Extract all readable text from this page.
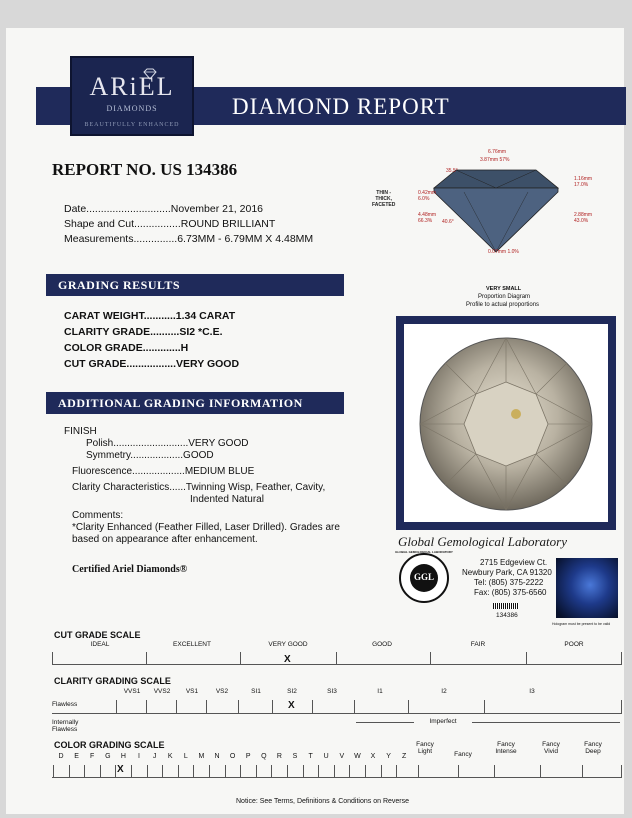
ARiEL
DIAMONDS
BEAUTIFULLY ENHANCED
DIAMOND REPORT
REPORT NO. US 134386
Date.............................November 21, 2016
Shape and Cut................ROUND BRILLIANT
Measurements...............6.73MM - 6.79MM X 4.48MM
6.76mm
3.87mm 57%
35.5°
1.16mm
17.0%
THIN -
THICK,
FACETED
0.42mm
6.0%
4.48mm
66.3%	40.6°
2.88mm
43.0%
0.07mm 1.0%
GRADING RESULTS
CARAT WEIGHT...........1.34 CARAT
CLARITY GRADE..........SI2 *C.E.
COLOR GRADE.............H
CUT GRADE.................VERY GOOD
VERY SMALL
Proportion Diagram
Profile to actual proportions
ADDITIONAL GRADING INFORMATION
FINISH
Polish...........................VERY GOOD
Symmetry...................GOOD
Fluorescence...................MEDIUM BLUE
Clarity Characteristics......Twinning Wisp, Feather, Cavity,
Indented Natural
Comments:
*Clarity Enhanced (Feather Filled, Laser Drilled). Grades are
based on appearance after enhancement.	Global Gemological Laboratory
Certified Ariel Diamonds®
GLOBAL GEMOLOGICAL LABORATORY
GGL
2715 Edgeview Ct.
Newbury Park, CA 91320
Tel: (805) 375-2222
Fax: (805) 375-6560
134386
Hologram must be present to be valid
CUT GRADE SCALE
IDEAL	EXCELLENT	VERY GOOD	GOOD	FAIR	POOR
X
CLARITY GRADING SCALE
VVS1	VVS2	VS1	VS2	SI1	SI2	SI3	I1	I2	I3
Flawless	X
Internally
Flawless
Imperfect
COLOR GRADING SCALE
D	E	F	G	H	I	J	K	L	M	N	O	P	Q	R	S	T	U	V	W	X	Y	Z
Fancy
Light	Fancy
Fancy
Intense
Fancy
Vivid
Fancy
Deep
X
Notice: See Terms, Definitions & Conditions on Reverse
